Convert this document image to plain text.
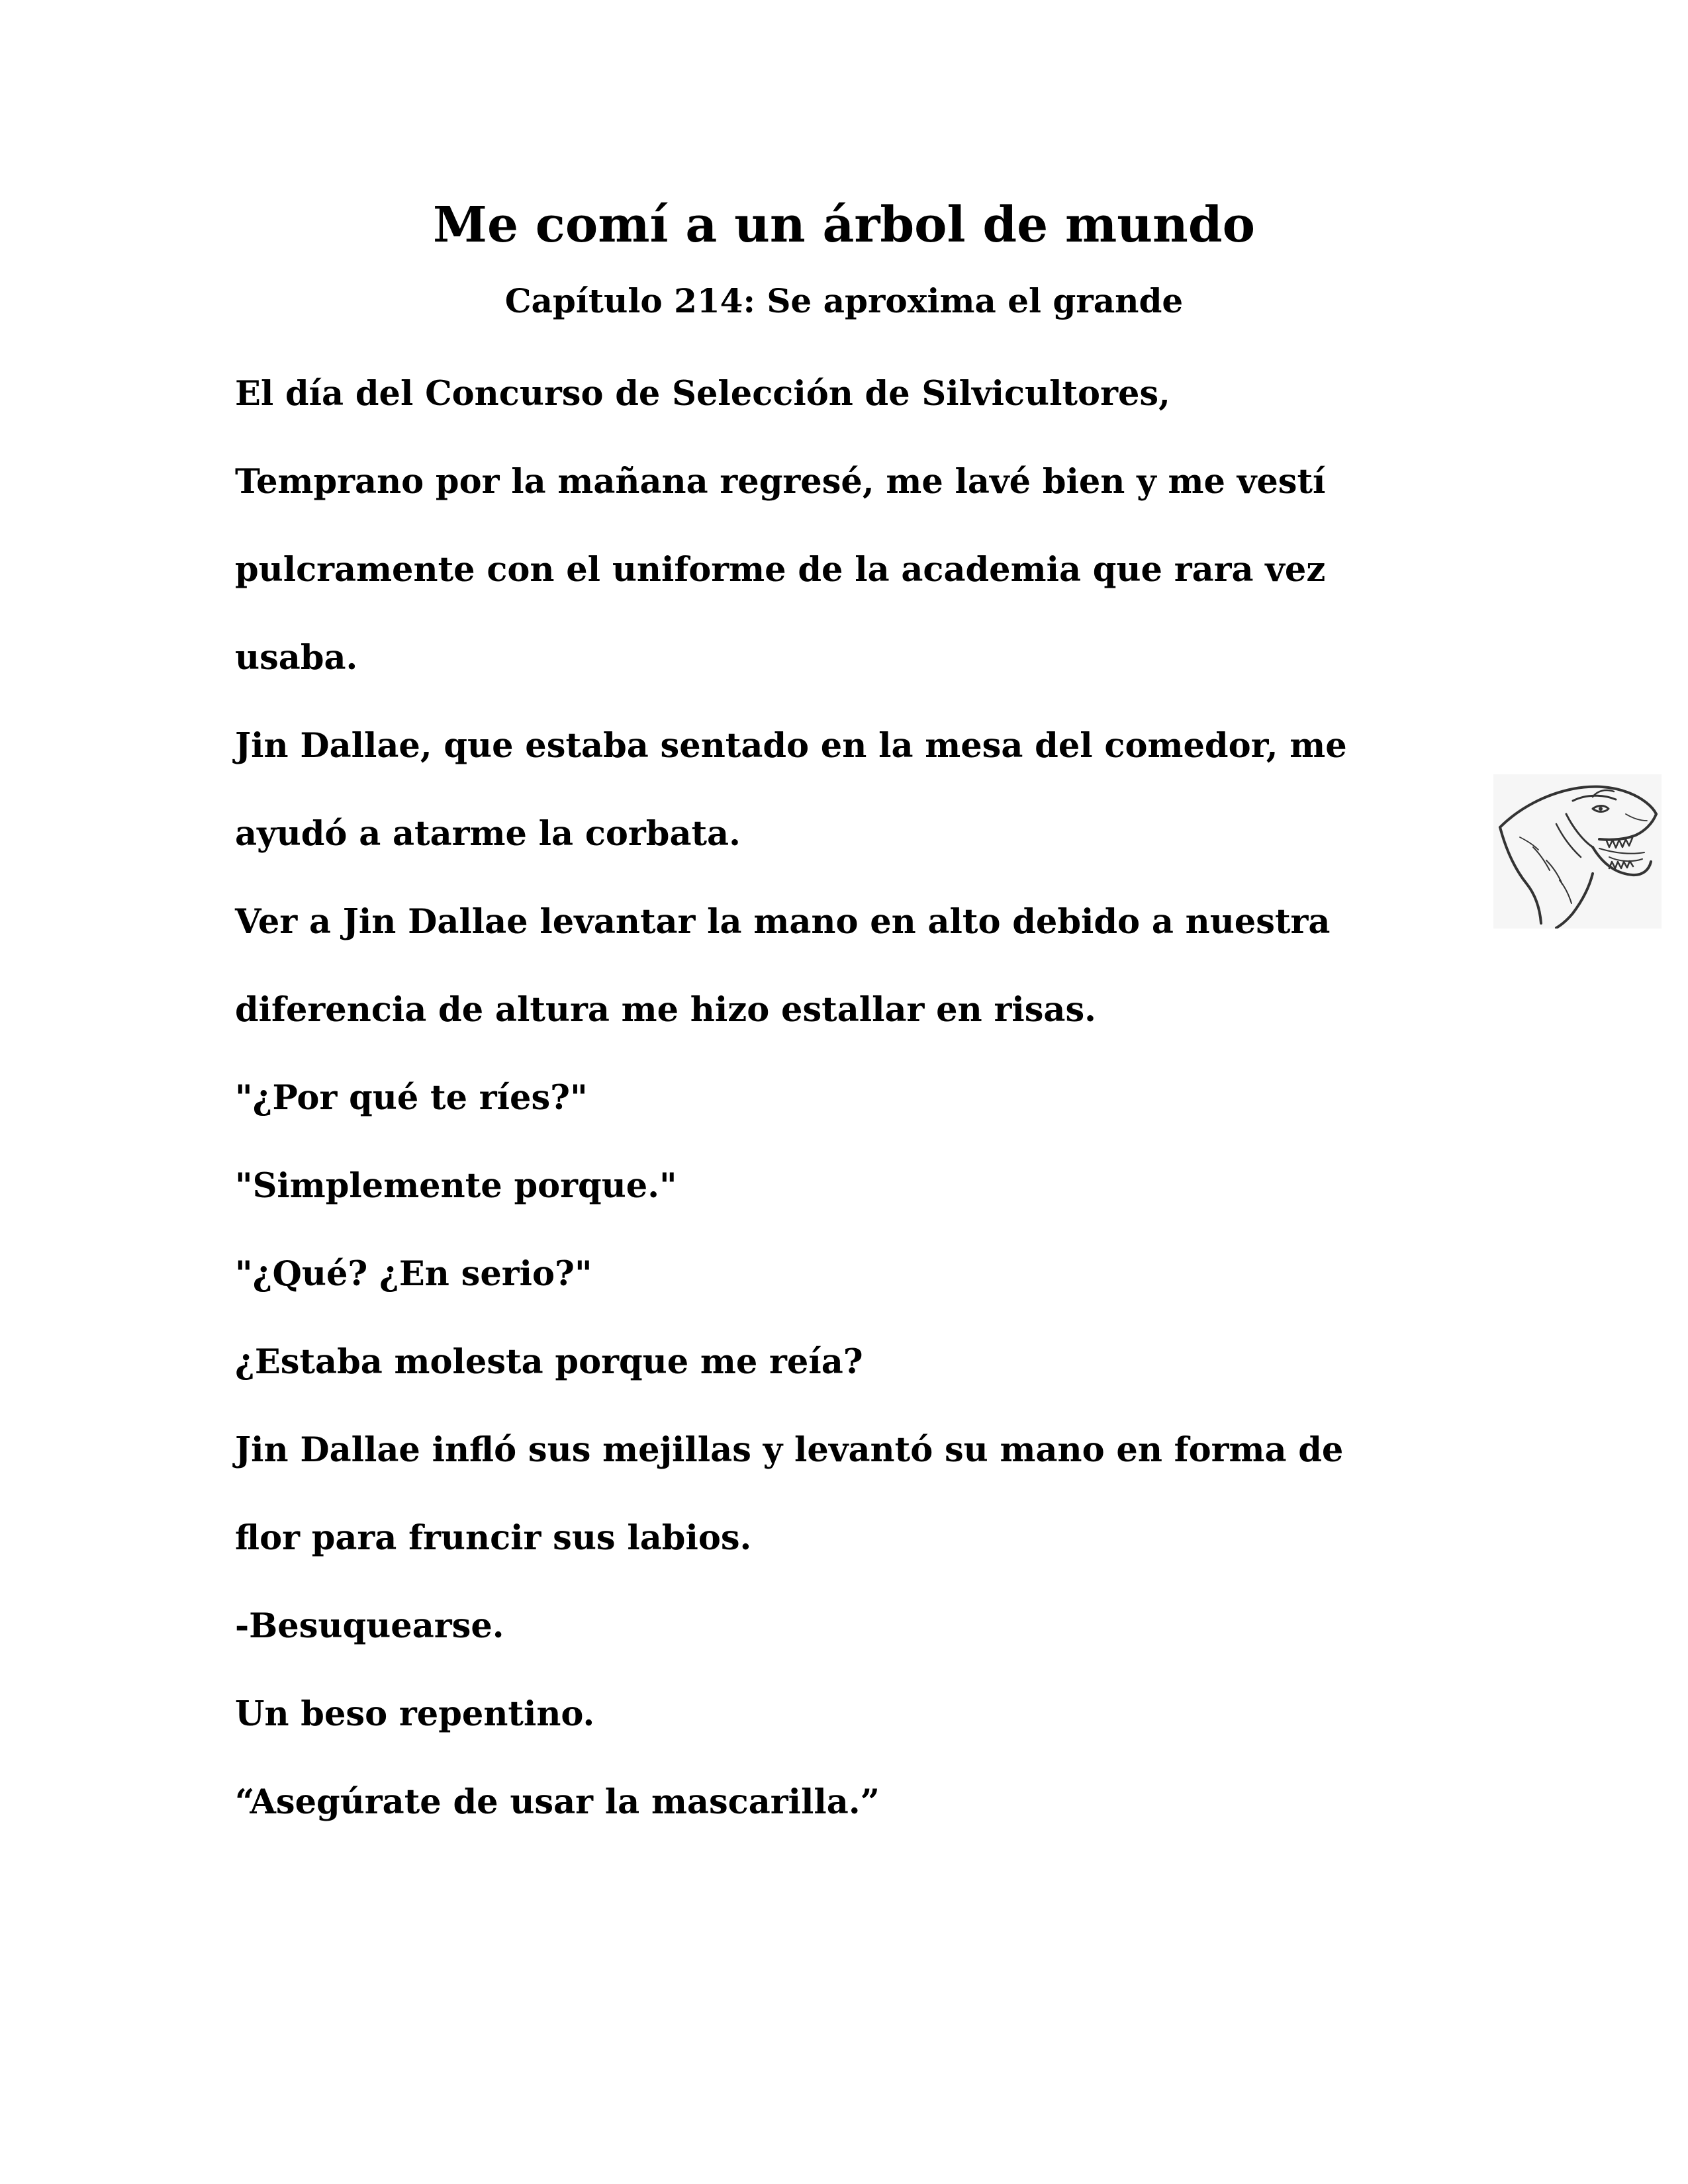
Me comí a un árbol de mundo
Capítulo 214: Se aproxima el grande
El día del Concurso de Selección de Silvicultores,
Temprano por la mañana regresé, me lavé bien y me vestí
pulcramente con el uniforme de la academia que rara vez
usaba.
Jin Dallae, que estaba sentado en la mesa del comedor, me
ayudó a atarme la corbata.
Ver a Jin Dallae levantar la mano en alto debido a nuestra
diferencia de altura me hizo estallar en risas.
"¿Por qué te ríes?"
"Simplemente porque."
"¿Qué? ¿En serio?"
¿Estaba molesta porque me reía?
Jin Dallae infló sus mejillas y levantó su mano en forma de
flor para fruncir sus labios.
-Besuquearse.
Un beso repentino.
“Asegúrate de usar la mascarilla.”
